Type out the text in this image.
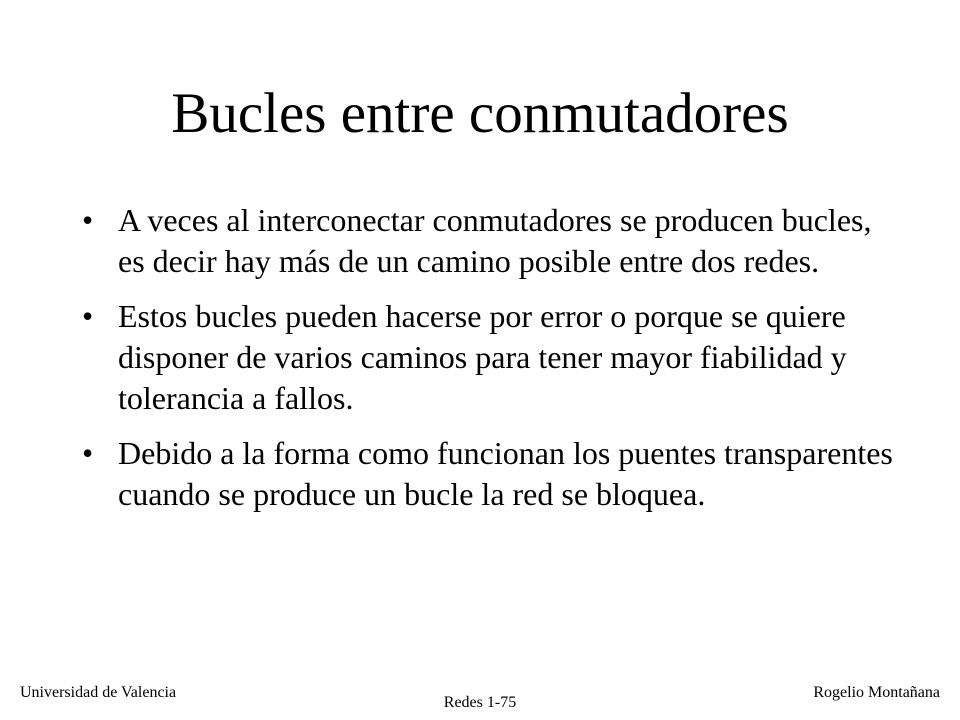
Bucles entre conmutadores
• A veces al interconectar conmutadores se producen bucles, es decir hay más de un camino posible entre dos redes.
• Estos bucles pueden hacerse por error o porque se quiere disponer de varios caminos para tener mayor fiabilidad y tolerancia a fallos.
• Debido a la forma como funcionan los puentes transparentes cuando se produce un bucle la red se bloquea.
Universidad de Valencia
Redes 1-75
Rogelio Montañana
